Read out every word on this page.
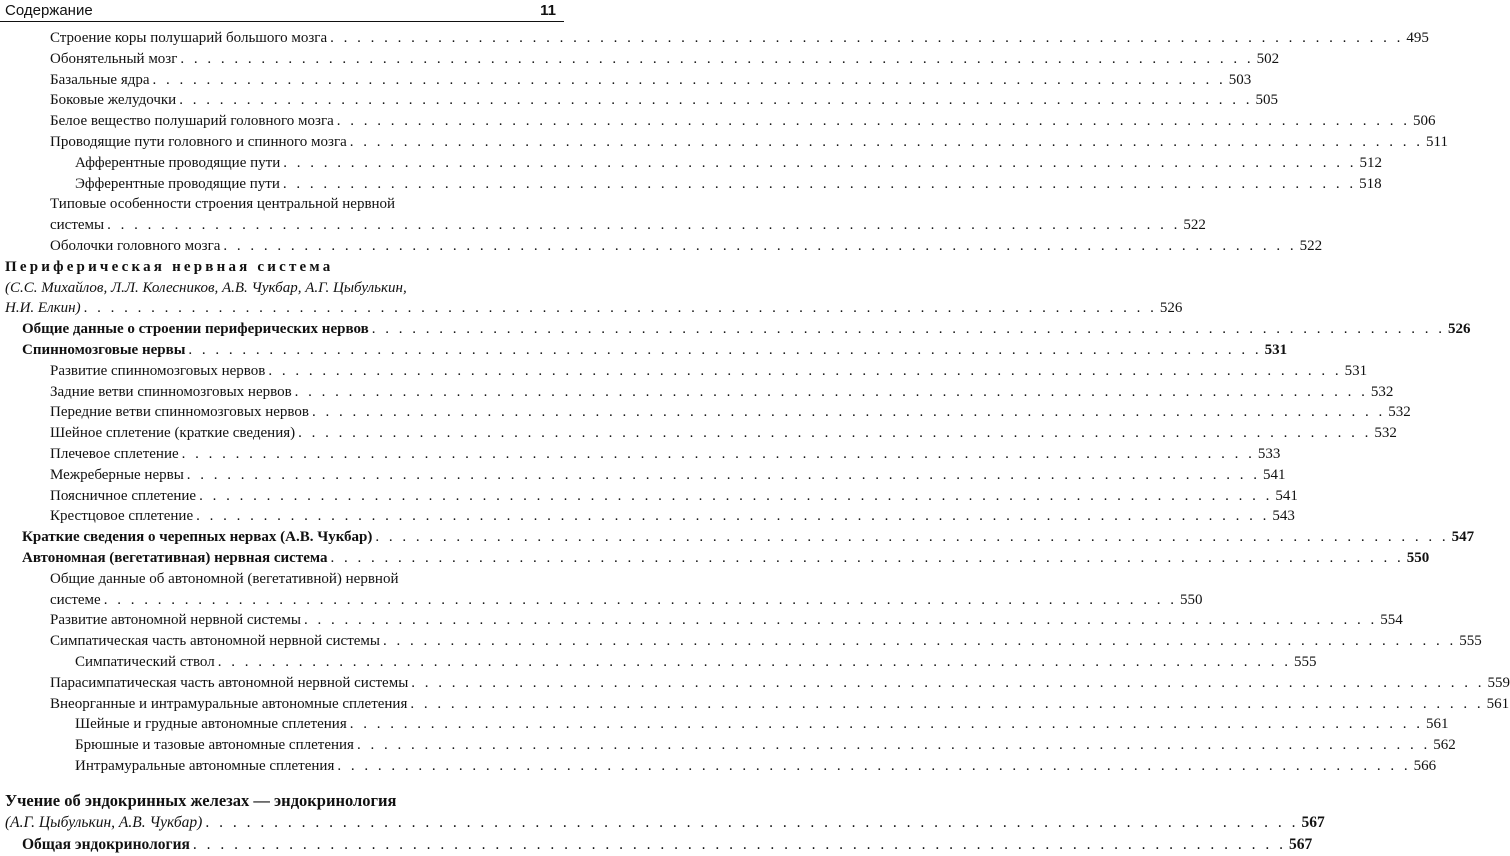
Содержание	11
Строение коры полушарий большого мозга . . . . . . . . . . . . . . . . . . . . . . . . . . . . . . . . . . . . . . . . . . . . . . . . . . . . . . . . . . . . . . . . . . . . . . . . . . . . . . . . 495
Обонятельный мозг . . . . . . . . . . . . . . . . . . . . . . . . . . . . . . . . . . . . . . . . . . . . . . . . . . . . . . . . . . . . . . . . . . . . . . . . . . . . . . . . 502
Базальные ядра . . . . . . . . . . . . . . . . . . . . . . . . . . . . . . . . . . . . . . . . . . . . . . . . . . . . . . . . . . . . . . . . . . . . . . . . . . . . . . . . 503
Боковые желудочки . . . . . . . . . . . . . . . . . . . . . . . . . . . . . . . . . . . . . . . . . . . . . . . . . . . . . . . . . . . . . . . . . . . . . . . . . . . . . . . . 505
Белое вещество полушарий головного мозга . . . . . . . . . . . . . . . . . . . . . . . . . . . . . . . . . . . . . . . . . . . . . . . . . . . . . . . . . . . . . . . . . . . . . . . . . . . . . . . . 506
Проводящие пути головного и спинного мозга . . . . . . . . . . . . . . . . . . . . . . . . . . . . . . . . . . . . . . . . . . . . . . . . . . . . . . . . . . . . . . . . . . . . . . . . . . . . . . . . 511
Афферентные проводящие пути . . . . . . . . . . . . . . . . . . . . . . . . . . . . . . . . . . . . . . . . . . . . . . . . . . . . . . . . . . . . . . . . . . . . . . . . . . . . . . . . 512
Эфферентные проводящие пути . . . . . . . . . . . . . . . . . . . . . . . . . . . . . . . . . . . . . . . . . . . . . . . . . . . . . . . . . . . . . . . . . . . . . . . . . . . . . . . . 518
Типовые особенности строения центральной нервной
системы . . . . . . . . . . . . . . . . . . . . . . . . . . . . . . . . . . . . . . . . . . . . . . . . . . . . . . . . . . . . . . . . . . . . . . . . . . . . . . . . 522
Оболочки головного мозга . . . . . . . . . . . . . . . . . . . . . . . . . . . . . . . . . . . . . . . . . . . . . . . . . . . . . . . . . . . . . . . . . . . . . . . . . . . . . . . . 522
Периферическая нервная система
(С.С. Михайлов, Л.Л. Колесников, А.В. Чукбар, А.Г. Цыбулькин,
Н.И. Елкин) . . . . . . . . . . . . . . . . . . . . . . . . . . . . . . . . . . . . . . . . . . . . . . . . . . . . . . . . . . . . . . . . . . . . . . . . . . . . . . . . 526
Общие данные о строении периферических нервов . . . . . . . . . . . . . . . . . . . . . . . . . . . . . . . . . . . . . . . . . . . . . . . . . . . . . . . . . . . . . . . . . . . . . . . . . . . . . . . . 526
Спинномозговые нервы . . . . . . . . . . . . . . . . . . . . . . . . . . . . . . . . . . . . . . . . . . . . . . . . . . . . . . . . . . . . . . . . . . . . . . . . . . . . . . . . 531
Развитие спинномозговых нервов . . . . . . . . . . . . . . . . . . . . . . . . . . . . . . . . . . . . . . . . . . . . . . . . . . . . . . . . . . . . . . . . . . . . . . . . . . . . . . . . 531
Задние ветви спинномозговых нервов . . . . . . . . . . . . . . . . . . . . . . . . . . . . . . . . . . . . . . . . . . . . . . . . . . . . . . . . . . . . . . . . . . . . . . . . . . . . . . . . 532
Передние ветви спинномозговых нервов . . . . . . . . . . . . . . . . . . . . . . . . . . . . . . . . . . . . . . . . . . . . . . . . . . . . . . . . . . . . . . . . . . . . . . . . . . . . . . . . 532
Шейное сплетение (краткие сведения) . . . . . . . . . . . . . . . . . . . . . . . . . . . . . . . . . . . . . . . . . . . . . . . . . . . . . . . . . . . . . . . . . . . . . . . . . . . . . . . . 532
Плечевое сплетение . . . . . . . . . . . . . . . . . . . . . . . . . . . . . . . . . . . . . . . . . . . . . . . . . . . . . . . . . . . . . . . . . . . . . . . . . . . . . . . . 533
Межреберные нервы . . . . . . . . . . . . . . . . . . . . . . . . . . . . . . . . . . . . . . . . . . . . . . . . . . . . . . . . . . . . . . . . . . . . . . . . . . . . . . . . 541
Поясничное сплетение . . . . . . . . . . . . . . . . . . . . . . . . . . . . . . . . . . . . . . . . . . . . . . . . . . . . . . . . . . . . . . . . . . . . . . . . . . . . . . . . 541
Крестцовое сплетение . . . . . . . . . . . . . . . . . . . . . . . . . . . . . . . . . . . . . . . . . . . . . . . . . . . . . . . . . . . . . . . . . . . . . . . . . . . . . . . . 543
Краткие сведения о черепных нервах (А.В. Чукбар) . . . . . . . . . . . . . . . . . . . . . . . . . . . . . . . . . . . . . . . . . . . . . . . . . . . . . . . . . . . . . . . . . . . . . . . . . . . . . . . . 547
Автономная (вегетативная) нервная система . . . . . . . . . . . . . . . . . . . . . . . . . . . . . . . . . . . . . . . . . . . . . . . . . . . . . . . . . . . . . . . . . . . . . . . . . . . . . . . . 550
Общие данные об автономной (вегетативной) нервной
системе . . . . . . . . . . . . . . . . . . . . . . . . . . . . . . . . . . . . . . . . . . . . . . . . . . . . . . . . . . . . . . . . . . . . . . . . . . . . . . . . 550
Развитие автономной нервной системы . . . . . . . . . . . . . . . . . . . . . . . . . . . . . . . . . . . . . . . . . . . . . . . . . . . . . . . . . . . . . . . . . . . . . . . . . . . . . . . . 554
Симпатическая часть автономной нервной системы . . . . . . . . . . . . . . . . . . . . . . . . . . . . . . . . . . . . . . . . . . . . . . . . . . . . . . . . . . . . . . . . . . . . . . . . . . . . . . . . 555
Симпатический ствол . . . . . . . . . . . . . . . . . . . . . . . . . . . . . . . . . . . . . . . . . . . . . . . . . . . . . . . . . . . . . . . . . . . . . . . . . . . . . . . . 555
Парасимпатическая часть автономной нервной системы . . . . . . . . . . . . . . . . . . . . . . . . . . . . . . . . . . . . . . . . . . . . . . . . . . . . . . . . . . . . . . . . . . . . . . . . . . . . . . . . 559
Внеорганные и интрамуральные автономные сплетения . . . . . . . . . . . . . . . . . . . . . . . . . . . . . . . . . . . . . . . . . . . . . . . . . . . . . . . . . . . . . . . . . . . . . . . . . . . . . . . . 561
Шейные и грудные автономные сплетения . . . . . . . . . . . . . . . . . . . . . . . . . . . . . . . . . . . . . . . . . . . . . . . . . . . . . . . . . . . . . . . . . . . . . . . . . . . . . . . . 561
Брюшные и тазовые автономные сплетения . . . . . . . . . . . . . . . . . . . . . . . . . . . . . . . . . . . . . . . . . . . . . . . . . . . . . . . . . . . . . . . . . . . . . . . . . . . . . . . . 562
Интрамуральные автономные сплетения . . . . . . . . . . . . . . . . . . . . . . . . . . . . . . . . . . . . . . . . . . . . . . . . . . . . . . . . . . . . . . . . . . . . . . . . . . . . . . . . 566
Учение об эндокринных железах — эндокринология
(А.Г. Цыбулькин, А.В. Чукбар) . . . . . . . . . . . . . . . . . . . . . . . . . . . . . . . . . . . . . . . . . . . . . . . . . . . . . . . . . . . . . . . . . . . . . . . . . . . . . . . . 567
Общая эндокринология . . . . . . . . . . . . . . . . . . . . . . . . . . . . . . . . . . . . . . . . . . . . . . . . . . . . . . . . . . . . . . . . . . . . . . . . . . . . . . . . 567
